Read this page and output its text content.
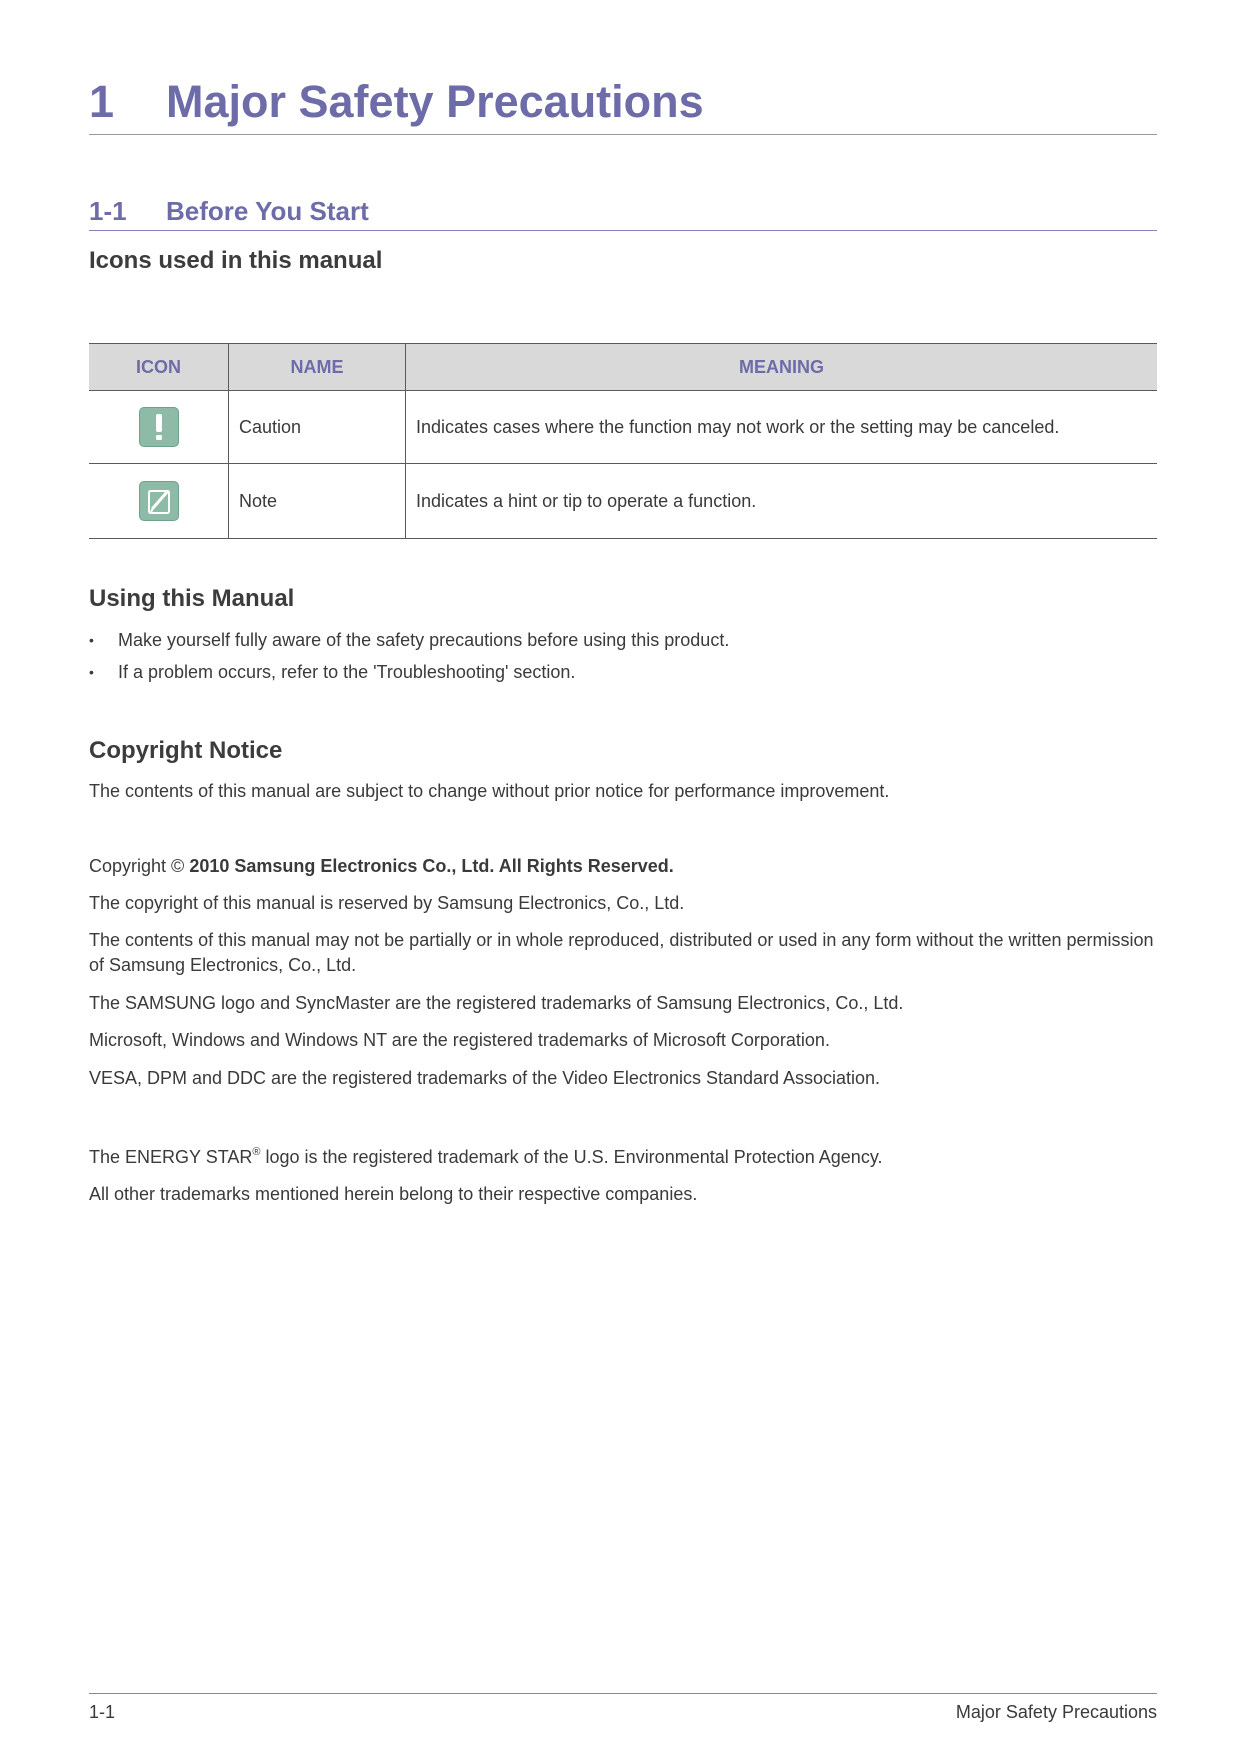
1 Major Safety Precautions
1-1 Before You Start
Icons used in this manual
ICON	NAME	MEANING

	Caution	Indicates cases where the function may not work or the setting may be canceled.

	Note	Indicates a hint or tip to operate a function.
Using this Manual
• Make yourself fully aware of the safety precautions before using this product.
• If a problem occurs, refer to the 'Troubleshooting' section.
Copyright Notice
The contents of this manual are subject to change without prior notice for performance improvement.
Copyright © 2010 Samsung Electronics Co., Ltd. All Rights Reserved.
The copyright of this manual is reserved by Samsung Electronics, Co., Ltd.
The contents of this manual may not be partially or in whole reproduced, distributed or used in any form without the written permission of Samsung Electronics, Co., Ltd.
The SAMSUNG logo and SyncMaster are the registered trademarks of Samsung Electronics, Co., Ltd.
Microsoft, Windows and Windows NT are the registered trademarks of Microsoft Corporation.
VESA, DPM and DDC are the registered trademarks of the Video Electronics Standard Association.
The ENERGY STAR® logo is the registered trademark of the U.S. Environmental Protection Agency.
All other trademarks mentioned herein belong to their respective companies.
1-1	Major Safety Precautions
